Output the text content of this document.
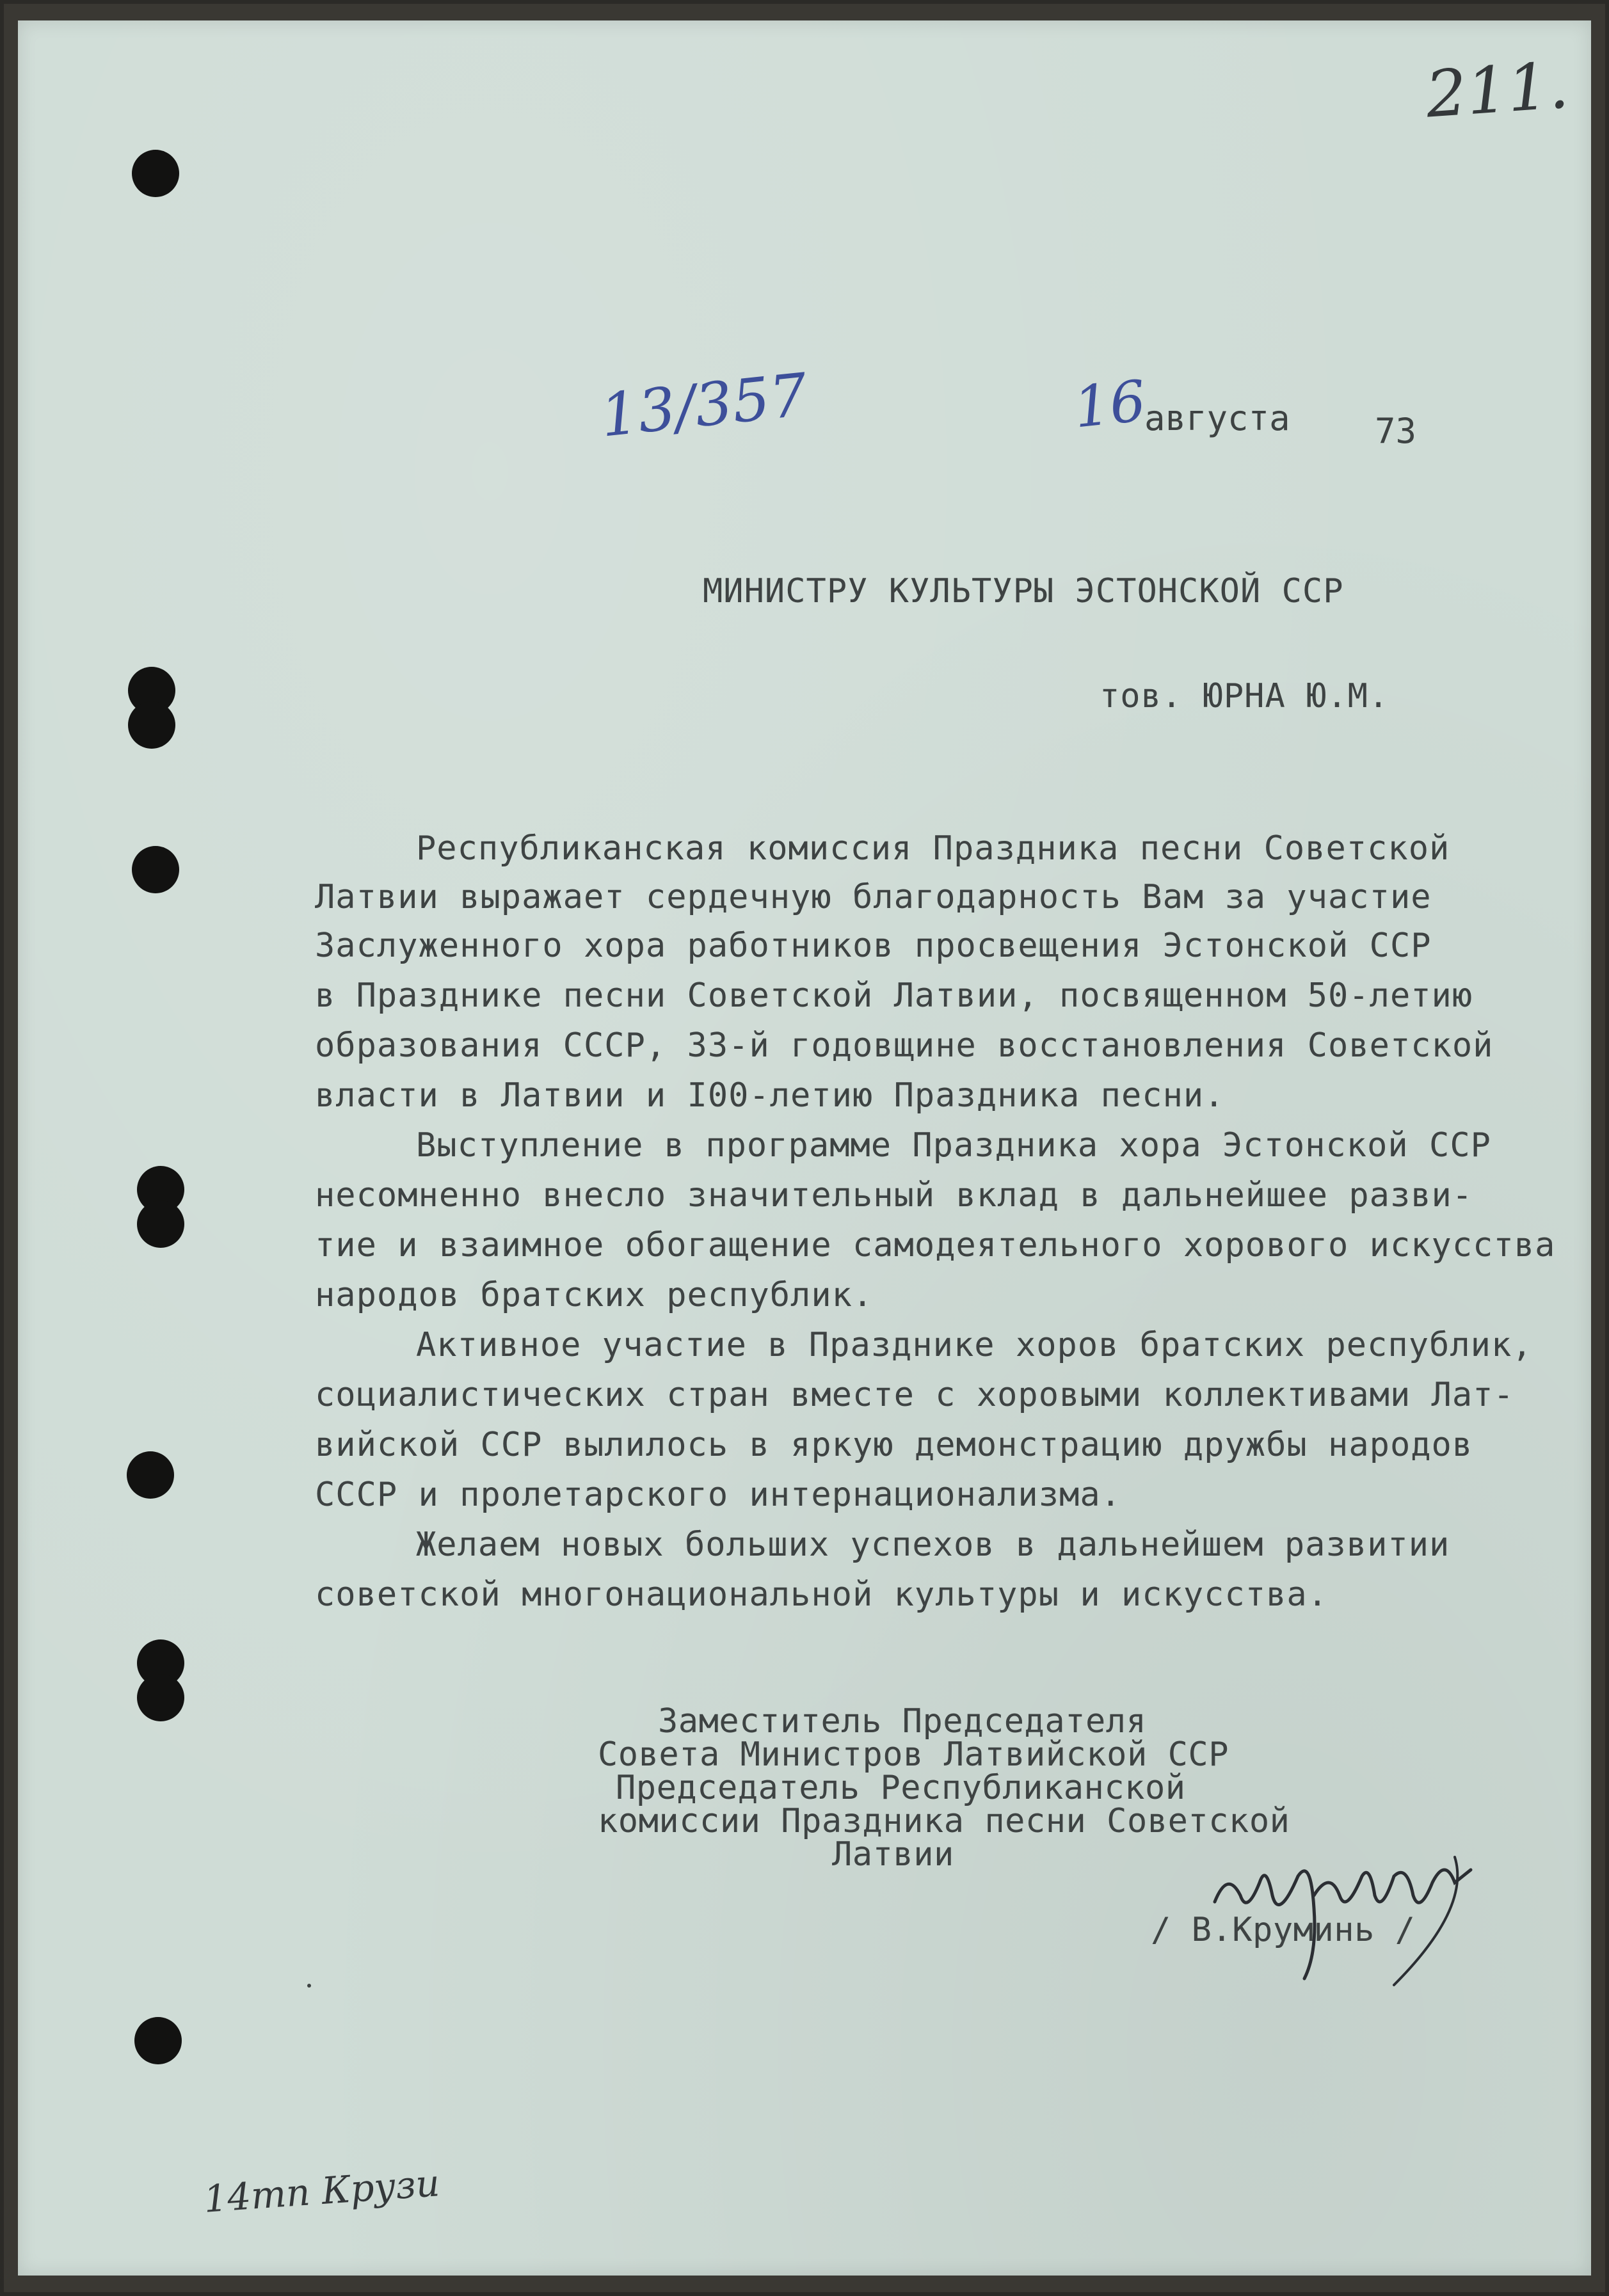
211.
13/357	16
августа 73
МИНИСТРУ КУЛЬТУРЫ ЭСТОНСКОЙ ССР
тов. ЮРНА Ю.М.
Республиканская комиссия Праздника песни Советской
Латвии выражает сердечную благодарность Вам за участие
Заслуженного хора работников просвещения Эстонской ССР
в Празднике песни Советской Латвии, посвященном 50-летию
образования СССР, 33-й годовщине восстановления Советской
власти в Латвии и I00-летию Праздника песни.
Выступление в программе Праздника хора Эстонской ССР
несомненно внесло значительный вклад в дальнейшее разви-
тие и взаимное обогащение самодеятельного хорового искусства
народов братских республик.
Активное участие в Празднике хоров братских республик,
социалистических стран вместе с хоровыми коллективами Лат-
вийской ССР вылилось в яркую демонстрацию дружбы народов
СССР и пролетарского интернационализма.
Желаем новых больших успехов в дальнейшем развитии
советской многонациональной культуры и искусства.
Заместитель Председателя
Совета Министров Латвийской ССР
Председатель Республиканской
комиссии Праздника песни Советской
Латвии
/ В.Круминь /
14тп Крузи
